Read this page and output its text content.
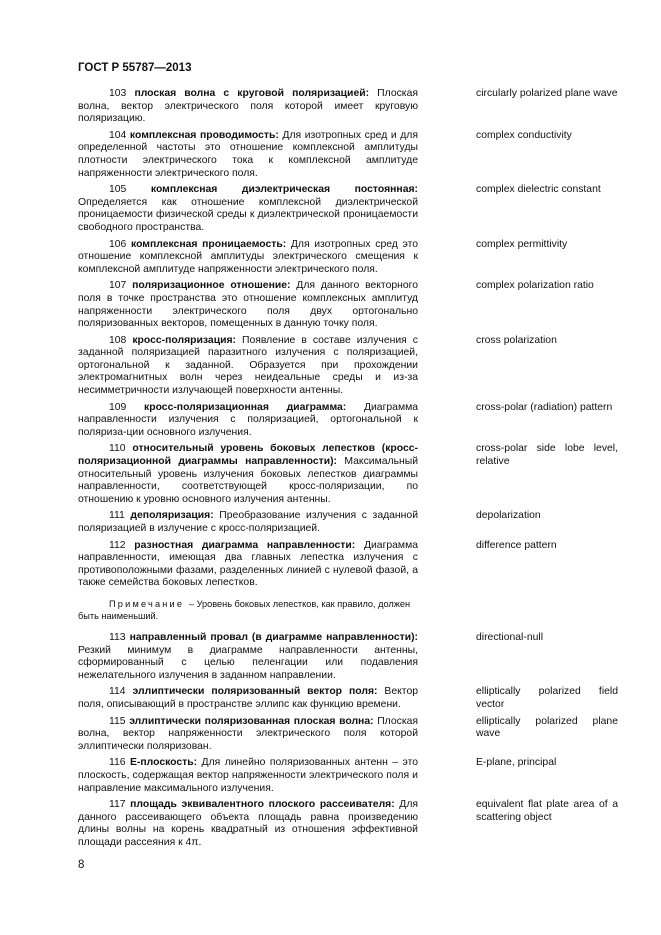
ГОСТ Р 55787—2013
103 плоская волна с круговой поляризацией: Плоская волна, вектор электрического поля которой имеет круговую поляризацию.
circularly polarized plane wave
104 комплексная проводимость: Для изотропных сред и для определенной частоты это отношение комплексной амплитуды плотности электрического тока к комплексной амплитуде напряженности электрического поля.
complex conductivity
105 комплексная диэлектрическая постоянная: Определяется как отношение комплексной диэлектрической проницаемости физической среды к диэлектрической проницаемости свободного пространства.
complex dielectric constant
106 комплексная проницаемость: Для изотропных сред это отношение комплексной амплитуды электрического смещения к комплексной амплитуде напряженности электрического поля.
complex permittivity
107 поляризационное отношение: Для данного векторного поля в точке пространства это отношение комплексных амплитуд напряженности электрического поля двух ортогонально поляризованных векторов, помещенных в данную точку поля.
complex polarization ratio
108 кросс-поляризация: Появление в составе излучения с заданной поляризацией паразитного излучения с поляризацией, ортогональной к заданной. Образуется при прохождении электромагнитных волн через неидеальные среды и из-за несимметричности излучающей поверхности антенны.
cross polarization
109 кросс-поляризационная диаграмма: Диаграмма направленности излучения с поляризацией, ортогональной к поляриза-ции основного излучения.
cross-polar (radiation) pattern
110 относительный уровень боковых лепестков (кросс-поляризационной диаграммы направленности): Максимальный относительный уровень излучения боковых лепестков диаграммы направленности, соответствующей кросс-поляризации, по отношению к уровню основного излучения антенны.
cross-polar side lobe level, relative
111 деполяризация: Преобразование излучения с заданной поляризацией в излучение с кросс-поляризацией.
depolarization
112 разностная диаграмма направленности: Диаграмма направленности, имеющая два главных лепестка излучения с противоположными фазами, разделенных линией с нулевой фазой, а также семейства боковых лепестков.
difference pattern
Примечание – Уровень боковых лепестков, как правило, должен быть наименьший.
113 направленный провал (в диаграмме направленности): Резкий минимум в диаграмме направленности антенны, сформированный с целью пеленгации или подавления нежелательного излучения в заданном направлении.
directional-null
114 эллиптически поляризованный вектор поля: Вектор поля, описывающий в пространстве эллипс как функцию времени.
elliptically polarized field vector
115 эллиптически поляризованная плоская волна: Плоская волна, вектор напряженности электрического поля которой эллиптически поляризован.
elliptically polarized plane wave
116 Е-плоскость: Для линейно поляризованных антенн – это плоскость, содержащая вектор напряженности электрического поля и направление максимального излучения.
E-plane, principal
117 площадь эквивалентного плоского рассеивателя: Для данного рассеивающего объекта площадь равна произведению длины волны на корень квадратный из отношения эффективной площади рассеяния к 4π.
equivalent flat plate area of a scattering object
8
